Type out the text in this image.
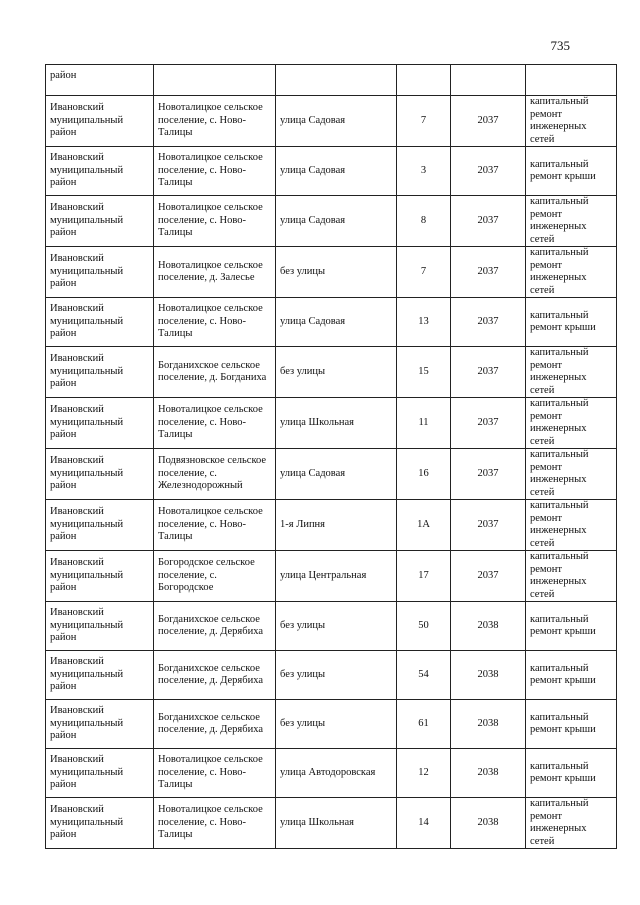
735
район					
Ивановский муниципальный район	Новоталицкое сельское поселение, с. Ново-Талицы	улица Садовая	7	2037	капитальный ремонт инженерных сетей
Ивановский муниципальный район	Новоталицкое сельское поселение, с. Ново-Талицы	улица Садовая	3	2037	капитальный ремонт крыши
Ивановский муниципальный район	Новоталицкое сельское поселение, с. Ново-Талицы	улица Садовая	8	2037	капитальный ремонт инженерных сетей
Ивановский муниципальный район	Новоталицкое сельское поселение, д. Залесье	без улицы	7	2037	капитальный ремонт инженерных сетей
Ивановский муниципальный район	Новоталицкое сельское поселение, с. Ново-Талицы	улица Садовая	13	2037	капитальный ремонт крыши
Ивановский муниципальный район	Богданихское сельское поселение, д. Богданиха	без улицы	15	2037	капитальный ремонт инженерных сетей
Ивановский муниципальный район	Новоталицкое сельское поселение, с. Ново-Талицы	улица Школьная	11	2037	капитальный ремонт инженерных сетей
Ивановский муниципальный район	Подвязновское сельское поселение, с. Железнодорожный	улица Садовая	16	2037	капитальный ремонт инженерных сетей
Ивановский муниципальный район	Новоталицкое сельское поселение, с. Ново-Талицы	1-я Липня	1А	2037	капитальный ремонт инженерных сетей
Ивановский муниципальный район	Богородское сельское поселение, с. Богородское	улица Центральная	17	2037	капитальный ремонт инженерных сетей
Ивановский муниципальный район	Богданихское сельское поселение, д. Дерябиха	без улицы	50	2038	капитальный ремонт крыши
Ивановский муниципальный район	Богданихское сельское поселение, д. Дерябиха	без улицы	54	2038	капитальный ремонт крыши
Ивановский муниципальный район	Богданихское сельское поселение, д. Дерябиха	без улицы	61	2038	капитальный ремонт крыши
Ивановский муниципальный район	Новоталицкое сельское поселение, с. Ново-Талицы	улица Автодоровская	12	2038	капитальный ремонт крыши
Ивановский муниципальный район	Новоталицкое сельское поселение, с. Ново-Талицы	улица Школьная	14	2038	капитальный ремонт инженерных сетей
